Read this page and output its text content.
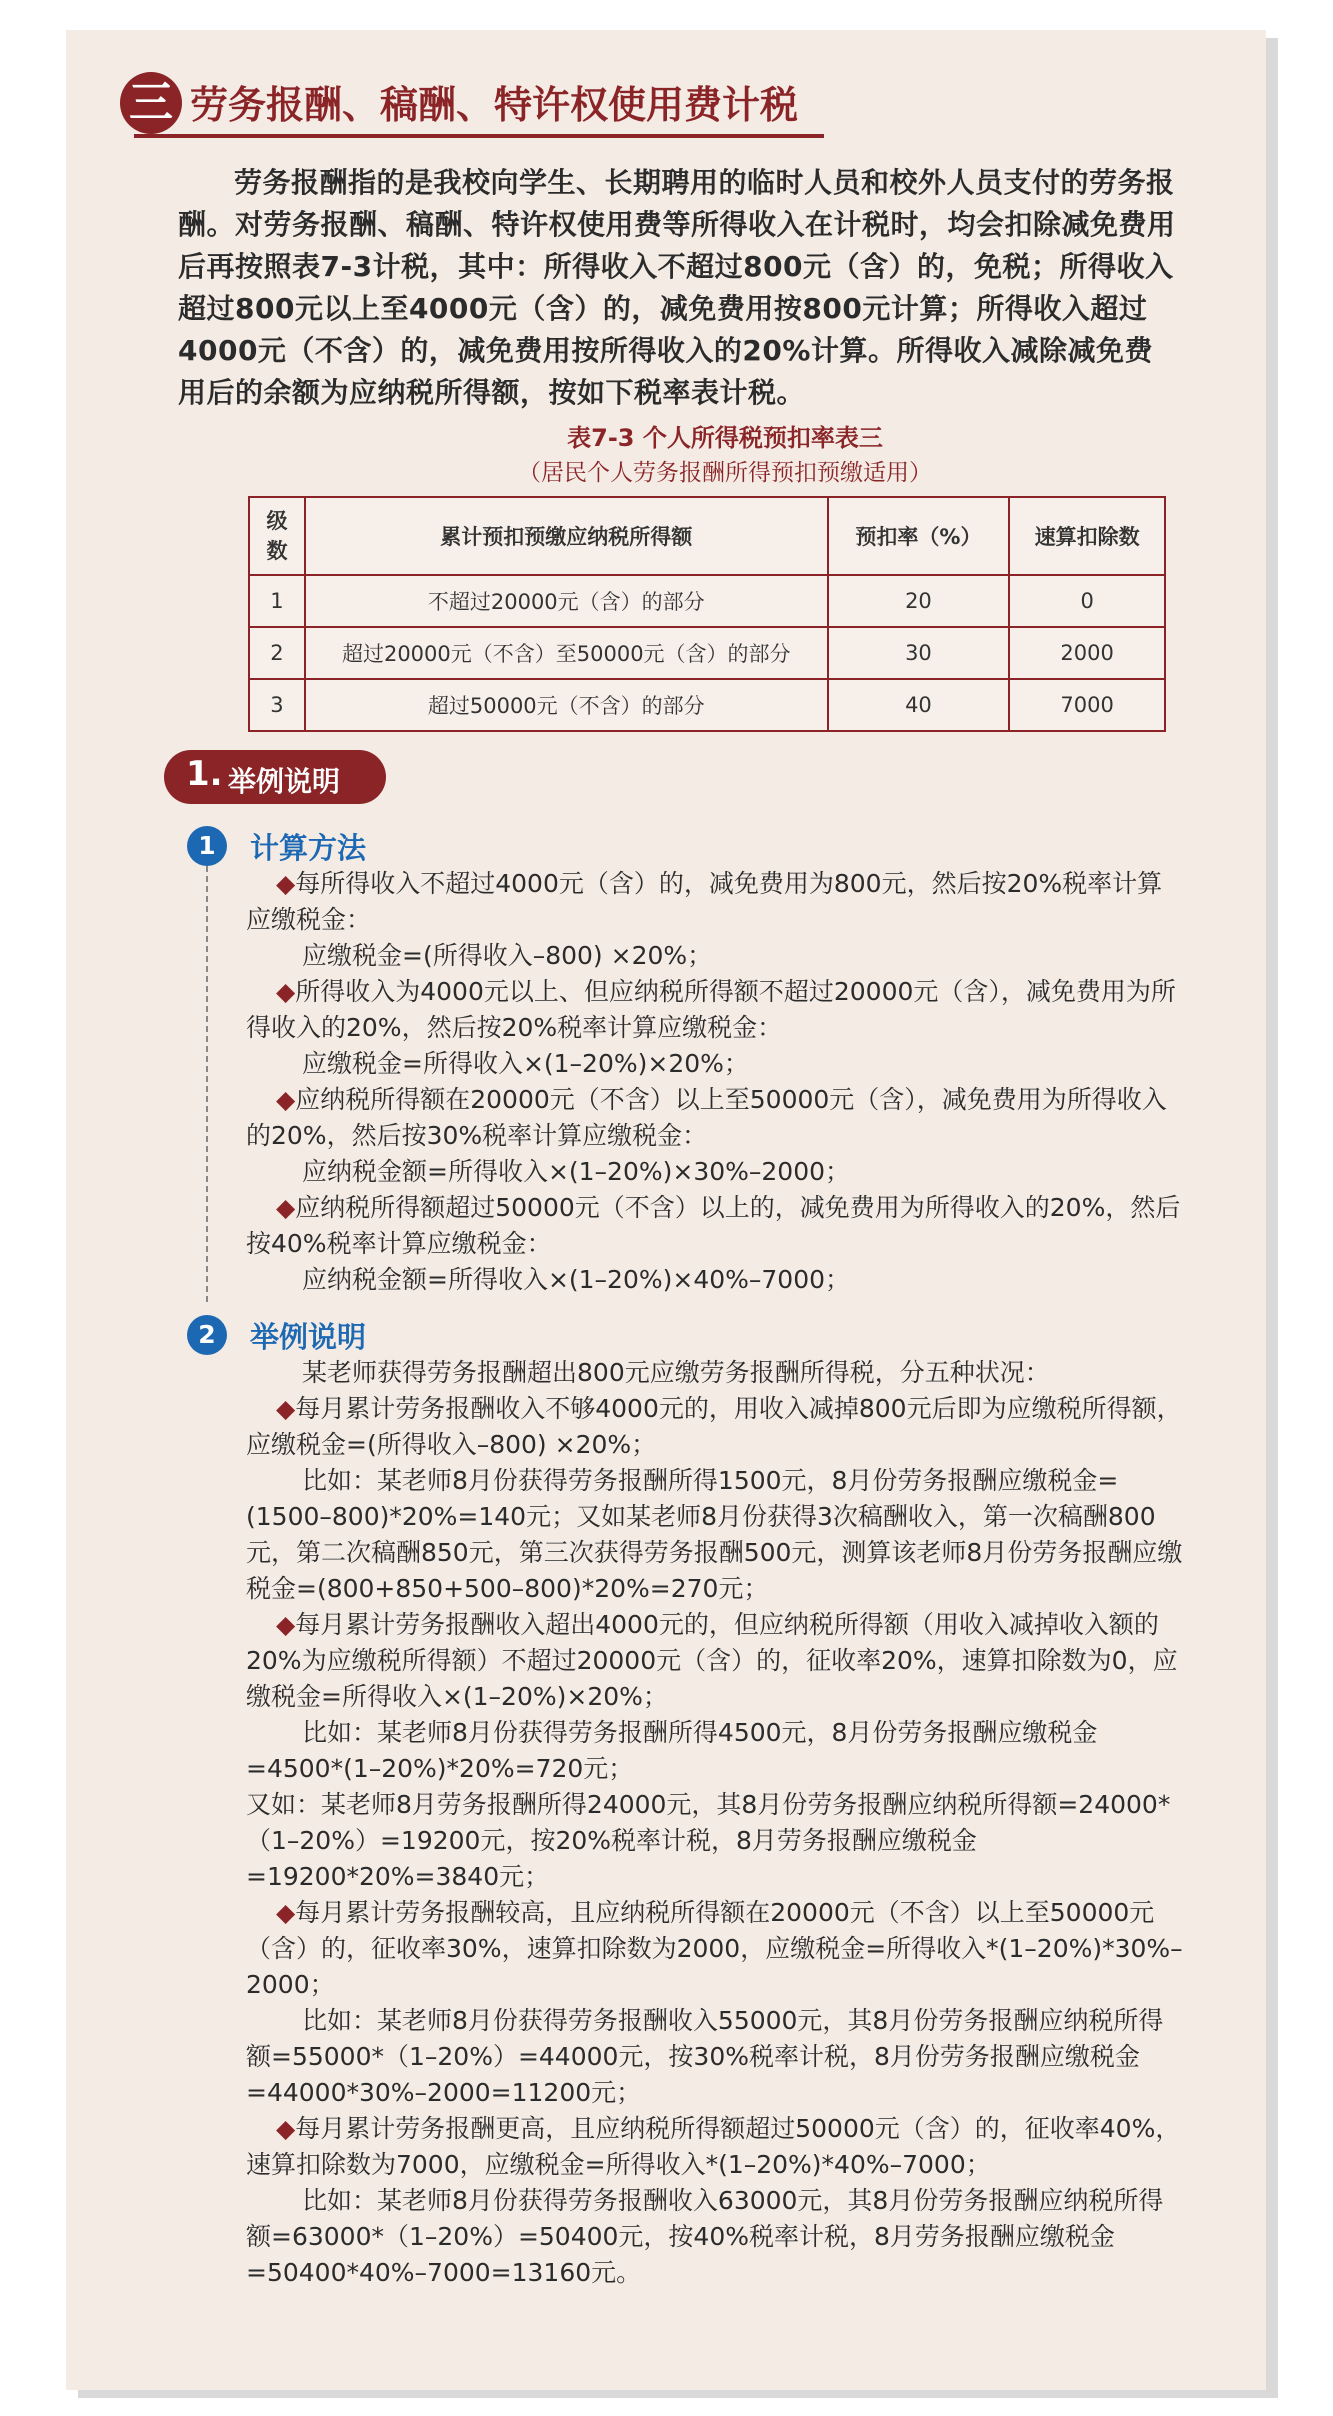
三 劳务报酬、稿酬、特许权使用费计税
劳务报酬指的是我校向学生、长期聘用的临时人员和校外人员支付的劳务报酬。对劳务报酬、稿酬、特许权使用费等所得收入在计税时，均会扣除减免费用后再按照表7-3计税，其中：所得收入不超过800元（含）的，免税；所得收入超过800元以上至4000元（含）的，减免费用按800元计算；所得收入超过4000元（不含）的，减免费用按所得收入的20%计算。所得收入减除减免费用后的余额为应纳税所得额，按如下税率表计税。
表7-3 个人所得税预扣率表三
（居民个人劳务报酬所得预扣预缴适用）
级数	累计预扣预缴应纳税所得额	预扣率（%）	速算扣除数
1	不超过20000元（含）的部分	20	0
2	超过20000元（不含）至50000元（含）的部分	30	2000
3	超过50000元（不含）的部分	40	7000
1. 举例说明
1	计算方法
◆每所得收入不超过4000元（含）的，减免费用为800元，然后按20%税率计算应缴税金：
应缴税金=(所得收入–800) ×20%；
◆所得收入为4000元以上、但应纳税所得额不超过20000元（含），减免费用为所得收入的20%，然后按20%税率计算应缴税金：
应缴税金=所得收入×(1–20%)×20%；
◆应纳税所得额在20000元（不含）以上至50000元（含），减免费用为所得收入的20%，然后按30%税率计算应缴税金：
应纳税金额=所得收入×(1–20%)×30%–2000；
◆应纳税所得额超过50000元（不含）以上的，减免费用为所得收入的20%，然后按40%税率计算应缴税金：
应纳税金额=所得收入×(1–20%)×40%–7000；
2	举例说明
某老师获得劳务报酬超出800元应缴劳务报酬所得税，分五种状况：
◆每月累计劳务报酬收入不够4000元的，用收入减掉800元后即为应缴税所得额，应缴税金=(所得收入–800) ×20%；
比如：某老师8月份获得劳务报酬所得1500元，8月份劳务报酬应缴税金=(1500–800)*20%=140元；又如某老师8月份获得3次稿酬收入，第一次稿酬800元，第二次稿酬850元，第三次获得劳务报酬500元，测算该老师8月份劳务报酬应缴税金=(800+850+500–800)*20%=270元；
◆每月累计劳务报酬收入超出4000元的，但应纳税所得额（用收入减掉收入额的20%为应缴税所得额）不超过20000元（含）的，征收率20%，速算扣除数为0，应缴税金=所得收入×(1–20%)×20%；
比如：某老师8月份获得劳务报酬所得4500元，8月份劳务报酬应缴税金=4500*(1–20%)*20%=720元；
又如：某老师8月劳务报酬所得24000元，其8月份劳务报酬应纳税所得额=24000*（1–20%）=19200元，按20%税率计税，8月劳务报酬应缴税金=19200*20%=3840元；
◆每月累计劳务报酬较高，且应纳税所得额在20000元（不含）以上至50000元（含）的，征收率30%，速算扣除数为2000，应缴税金=所得收入*(1–20%)*30%–2000；
比如：某老师8月份获得劳务报酬收入55000元，其8月份劳务报酬应纳税所得额=55000*（1–20%）=44000元，按30%税率计税，8月份劳务报酬应缴税金=44000*30%–2000=11200元；
◆每月累计劳务报酬更高，且应纳税所得额超过50000元（含）的，征收率40%，速算扣除数为7000，应缴税金=所得收入*(1–20%)*40%–7000；
比如：某老师8月份获得劳务报酬收入63000元，其8月份劳务报酬应纳税所得额=63000*（1–20%）=50400元，按40%税率计税，8月劳务报酬应缴税金=50400*40%–7000=13160元。
